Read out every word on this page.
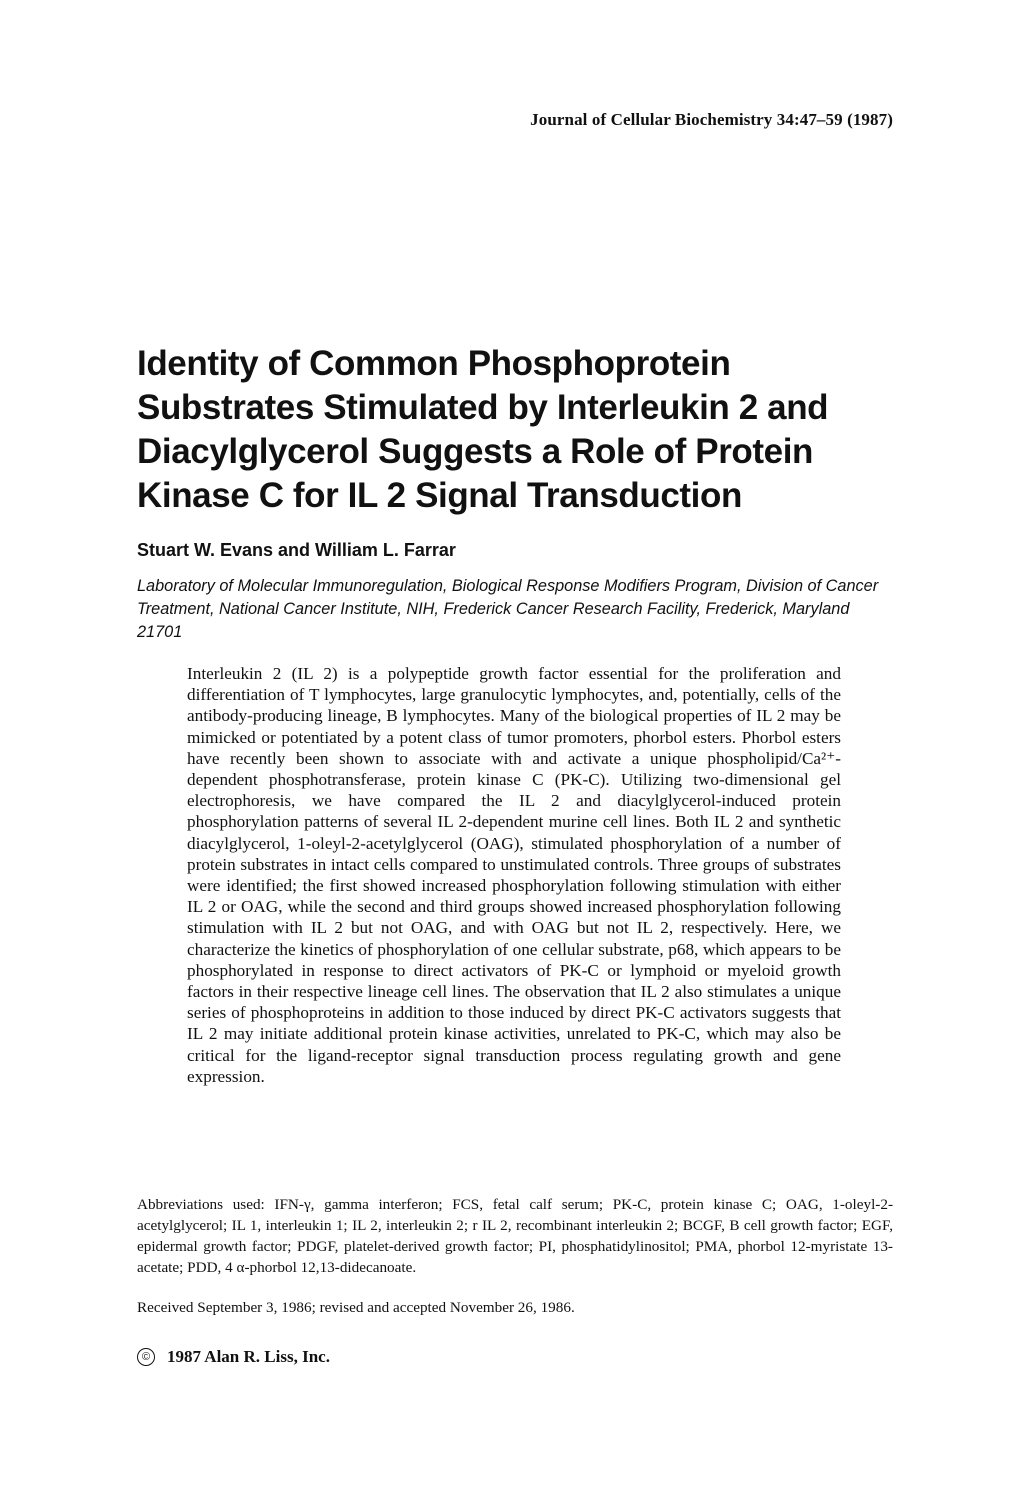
Journal of Cellular Biochemistry 34:47–59 (1987)
Identity of Common Phosphoprotein Substrates Stimulated by Interleukin 2 and Diacylglycerol Suggests a Role of Protein Kinase C for IL 2 Signal Transduction
Stuart W. Evans and William L. Farrar
Laboratory of Molecular Immunoregulation, Biological Response Modifiers Program, Division of Cancer Treatment, National Cancer Institute, NIH, Frederick Cancer Research Facility, Frederick, Maryland 21701

Interleukin 2 (IL 2) is a polypeptide growth factor essential for the proliferation and differentiation of T lymphocytes, large granulocytic lymphocytes, and, potentially, cells of the antibody-producing lineage, B lymphocytes. Many of the biological properties of IL 2 may be mimicked or potentiated by a potent class of tumor promoters, phorbol esters. Phorbol esters have recently been shown to associate with and activate a unique phospholipid/Ca²⁺-dependent phosphotransferase, protein kinase C (PK-C). Utilizing two-dimensional gel electrophoresis, we have compared the IL 2 and diacylglycerol-induced protein phosphorylation patterns of several IL 2-dependent murine cell lines. Both IL 2 and synthetic diacylglycerol, 1-oleyl-2-acetylglycerol (OAG), stimulated phosphorylation of a number of protein substrates in intact cells compared to unstimulated controls. Three groups of substrates were identified; the first showed increased phosphorylation following stimulation with either IL 2 or OAG, while the second and third groups showed increased phosphorylation following stimulation with IL 2 but not OAG, and with OAG but not IL 2, respectively. Here, we characterize the kinetics of phosphorylation of one cellular substrate, p68, which appears to be phosphorylated in response to direct activators of PK-C or lymphoid or myeloid growth factors in their respective lineage cell lines. The observation that IL 2 also stimulates a unique series of phosphoproteins in addition to those induced by direct PK-C activators suggests that IL 2 may initiate additional protein kinase activities, unrelated to PK-C, which may also be critical for the ligand-receptor signal transduction process regulating growth and gene expression.

Abbreviations used: IFN-γ, gamma interferon; FCS, fetal calf serum; PK-C, protein kinase C; OAG, 1-oleyl-2-acetylglycerol; IL 1, interleukin 1; IL 2, interleukin 2; r IL 2, recombinant interleukin 2; BCGF, B cell growth factor; EGF, epidermal growth factor; PDGF, platelet-derived growth factor; PI, phosphatidylinositol; PMA, phorbol 12-myristate 13-acetate; PDD, 4 α-phorbol 12,13-didecanoate.

Received September 3, 1986; revised and accepted November 26, 1986.
© 1987 Alan R. Liss, Inc.
